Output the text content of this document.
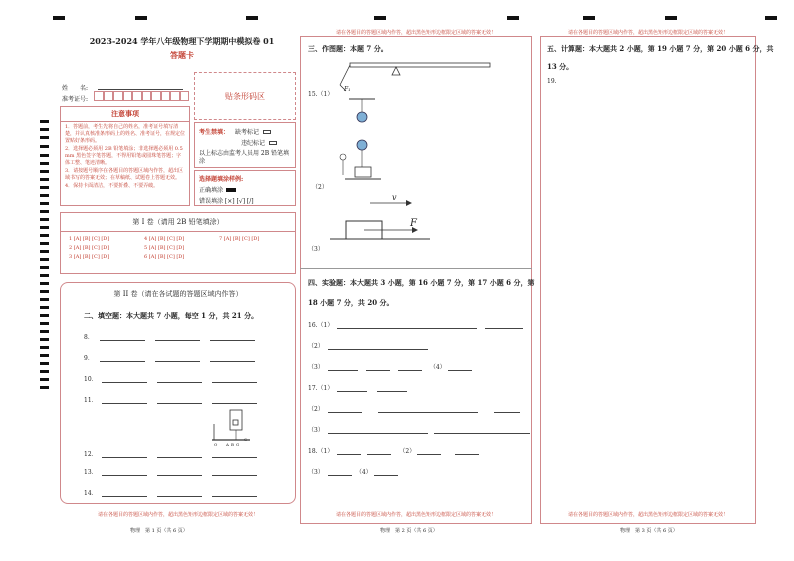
2023-2024 学年八年级物理下学期期中模拟卷 01
答题卡
姓　　名:
准考证号:	贴条形码区
注意事项
1．答题前，考生先将自己的姓名，准考证号填写清楚，并认真核准条形码上的姓名、准考证号，在规定位置贴好条形码。
2．选择题必须用 2B 铅笔填涂；非选择题必须用 0.5 mm 黑色签字笔答题，不得用铅笔或圆珠笔答题；字体工整、笔迹清晰。
3．请按题号顺序在各题目的答题区域内作答，超出区域书写的答案无效；在草稿纸、试题卷上答题无效。
4．保持卡面清洁，不要折叠、不要弄破。
考生禁填： 缺考标记
违纪标记
以上标志由监考人员用 2B 铅笔填涂
选择题填涂样例:
正确填涂
错误填涂 [×] [√] [/]
第 I 卷（请用 2B 铅笔填涂）
1 [A] [B] [C] [D]	4 [A] [B] [C] [D]	7 [A] [B] [C] [D]
2 [A] [B] [C] [D]	5 [A] [B] [C] [D]
3 [A] [B] [C] [D]	6 [A] [B] [C] [D]
第 II 卷（请在各试题的答题区域内作答）
二、填空题：本大题共 7 小题，每空 1 分，共 21 分。
8．
9．
10．
11．
12．
13．
14．
O A B G
C
请在各题目的答题区域内作答，超出黑色矩形边框限定区域的答案无效！
物理　第 1 页（共 6 页）
请在各题目的答题区域内作答，超出黑色矩形边框限定区域的答案无效！
三、作图题：本题 7 分。
15.（1）
F₁
（2）
v
F
（3）
四、实验题：本大题共 3 小题，第 16 小题 7 分，第 17 小题 6 分，第
18 小题 7 分，共 20 分。
16.（1）
（2）
（3）	（4）
17.（1）
（2）
（3）
18.（1）	（2）
（3）	（4）
请在各题目的答题区域内作答，超出黑色矩形边框限定区域的答案无效！
物理　第 2 页（共 6 页）
请在各题目的答题区域内作答，超出黑色矩形边框限定区域的答案无效！
五、计算题：本大题共 2 小题，第 19 小题 7 分，第 20 小题 6 分，共
13 分。
19.
请在各题目的答题区域内作答，超出黑色矩形边框限定区域的答案无效！
物理　第 3 页（共 6 页）
